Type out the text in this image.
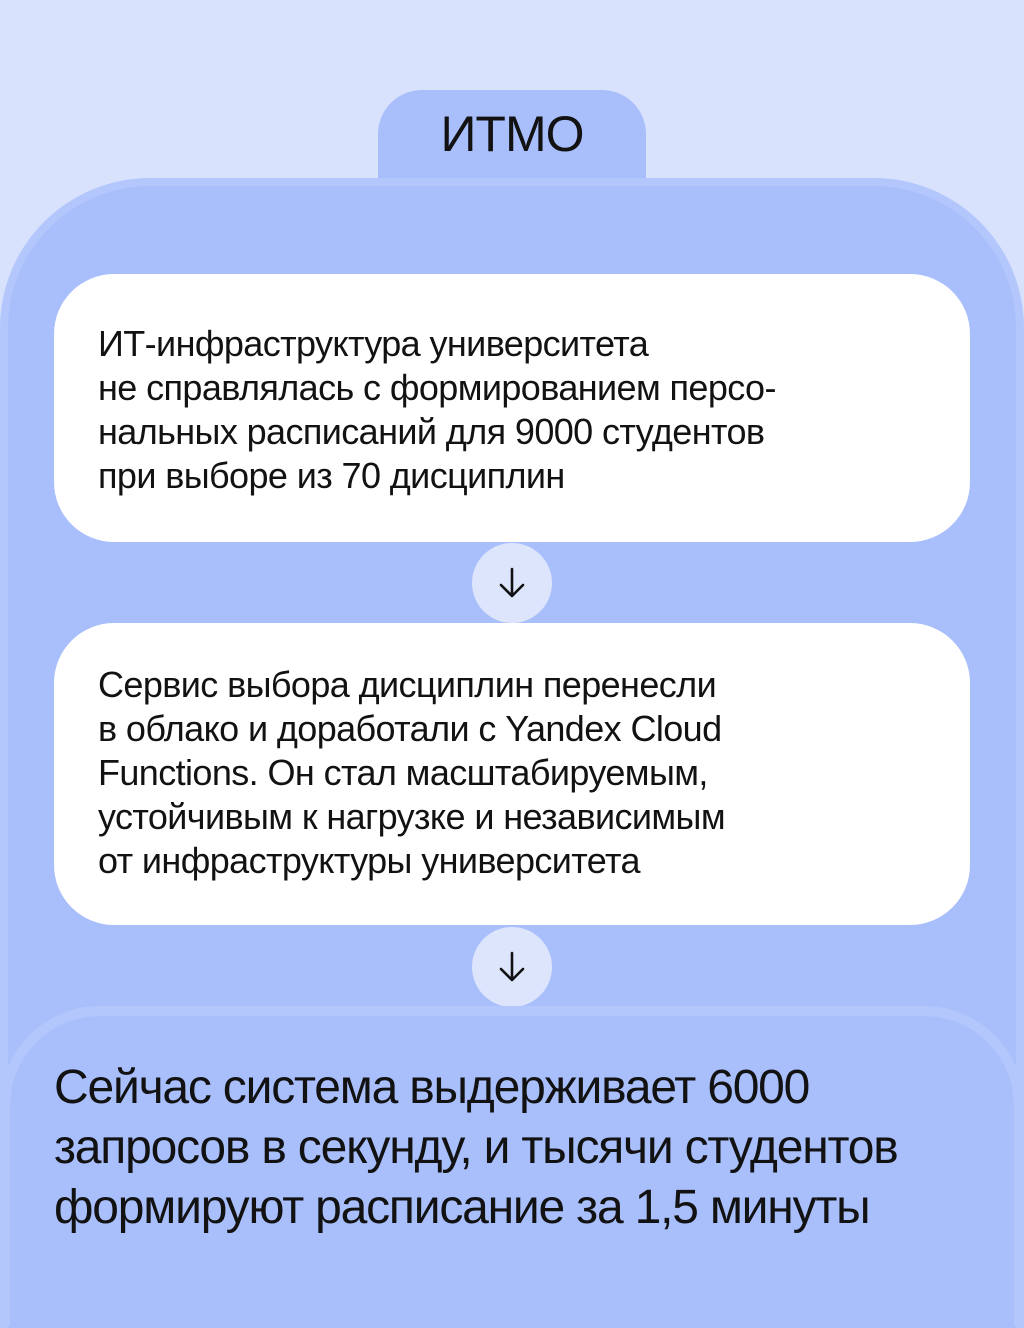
ИТМО
ИТ-инфраструктура университета
не справлялась с формированием персо-
нальных расписаний для 9000 студентов
при выборе из 70 дисциплин
Сервис выбора дисциплин перенесли
в облако и доработали с Yandex Cloud
Functions. Он стал масштабируемым,
устойчивым к нагрузке и независимым
от инфраструктуры университета
Сейчас система выдерживает 6000
запросов в секунду, и тысячи студентов
формируют расписание за 1,5 минуты
